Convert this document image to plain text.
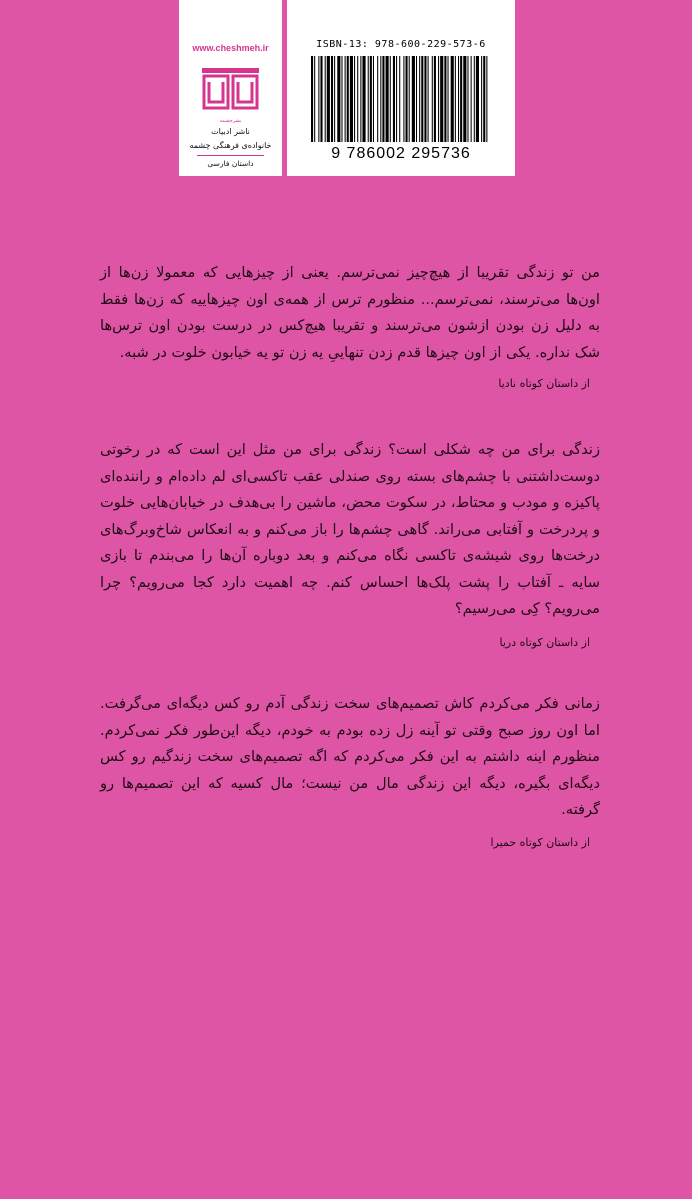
www.cheshmeh.ir
نشرچشمه
ناشر ادبیات
خانوادەی فرهنگی چشمه
داستان فارسی
ISBN-13: 978-600-229-573-6
9 786002 295736
من تو زندگی تقریبا از هیچ‌چیز نمی‌ترسم. یعنی از چیزهایی که معمولا زن‌ها از اون‌ها می‌ترسند، نمی‌ترسم... منظورم ترس از همه‌ی اون چیزهاییه که زن‌ها فقط به دلیل زن بودن ازشون می‌ترسند و تقریبا هیچ‌کس در درست بودن اون ترس‌ها شک نداره. یکی از اون چیزها قدم زدن تنهاییِ یه زن تو یه خیابون خلوت در شبه.
از داستان کوتاه نادیا
زندگی برای من چه شکلی است؟ زندگی برای من مثل این است که در رخوتی دوست‌داشتنی با چشم‌های بسته روی صندلی عقب تاکسی‌ای لم داده‌ام و راننده‌ای پاکیزه و مودب و محتاط، در سکوت محض، ماشین را بی‌هدف در خیابان‌هایی خلوت و پردرخت و آفتابی می‌راند. گاهی چشم‌ها را باز می‌کنم و به انعکاس شاخ‌وبرگ‌های درخت‌ها روی شیشه‌ی تاکسی نگاه می‌کنم و بعد دوباره آن‌ها را می‌بندم تا بازی سایه ـ آفتاب را پشت پلک‌ها احساس کنم. چه اهمیت دارد کجا می‌رویم؟ چرا می‌رویم؟ کِی می‌رسیم؟
از داستان کوتاه دریا
زمانی فکر می‌کردم کاش تصمیم‌های سخت زندگی آدم رو کس دیگه‌ای می‌گرفت. اما اون روز صبح وقتی تو آینه زل زده بودم به خودم، دیگه این‌طور فکر نمی‌کردم. منظورم اینه داشتم به این فکر می‌کردم که اگه تصمیم‌های سخت زندگیم رو کس دیگه‌ای بگیره، دیگه این زندگی مال من نیست؛ مال کسیه که این تصمیم‌ها رو گرفته.
از داستان کوتاه حمیرا
